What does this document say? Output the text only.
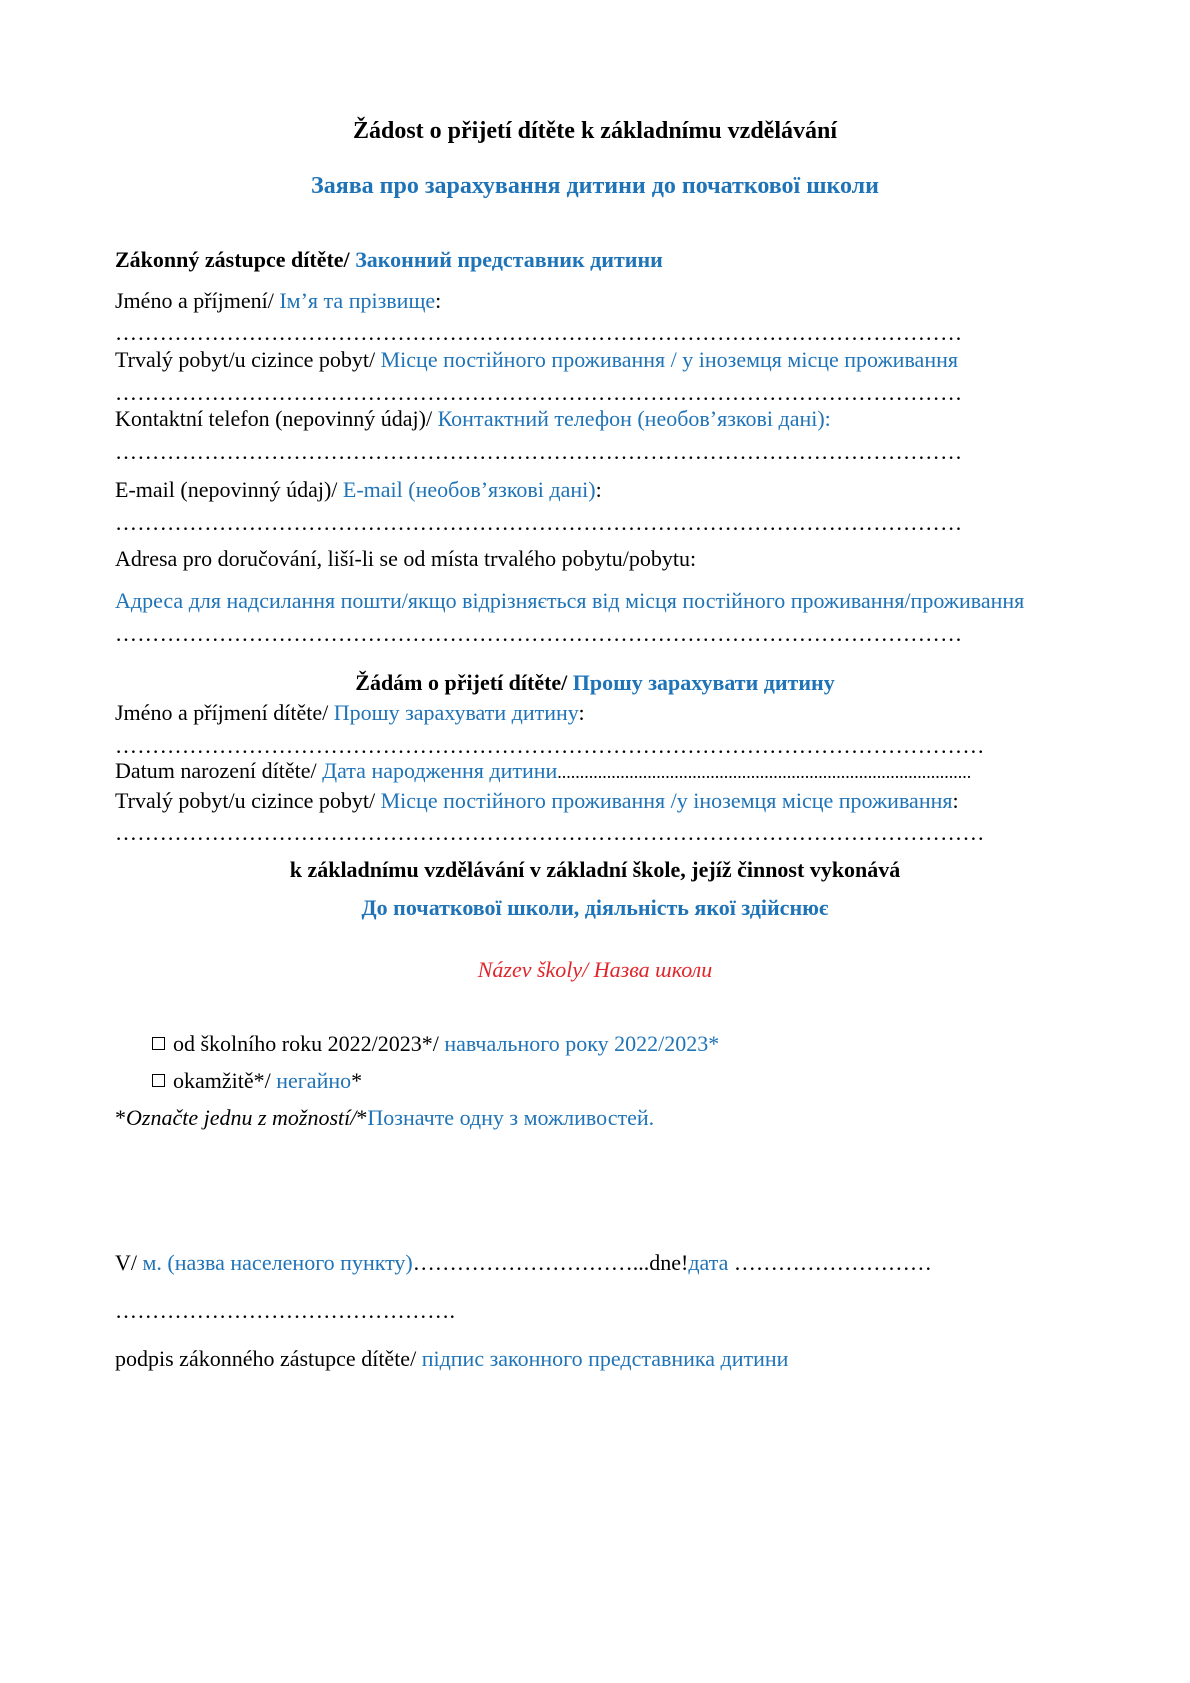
Žádost o přijetí dítěte k základnímu vzdělávání
Заява про зарахування дитини до початкової школи
Zákonný zástupce dítěte/ Законний представник дитини
Jméno a příjmení/ Ім’я та прізвище:
……………………………………………………………………………………………………
Trvalý pobyt/u cizince pobyt/ Місце постійного проживання / у іноземця місце проживання
……………………………………………………………………………………………………
Kontaktní telefon (nepovinný údaj)/ Контактний телефон (необов’язкові дані):
……………………………………………………………………………………………………
E-mail (nepovinný údaj)/ E-mail (необов’язкові дані):
……………………………………………………………………………………………………
Adresa pro doručování, liší-li se od místa trvalého pobytu/pobytu:
Адреса для надсилання пошти/якщо відрізняється від місця постійного проживання/проживання
……………………………………………………………………………………………………
Žádám o přijetí dítěte/ Прошу зарахувати дитину
Jméno a příjmení dítěte/ Прошу зарахувати дитину:
………………………………………………………………………………………………………
Datum narození dítěte/ Дата народження дитини............................................................................................
Trvalý pobyt/u cizince pobyt/ Місце постійного проживання /у іноземця місце проживання:
………………………………………………………………………………………………………
k základnímu vzdělávání v základní škole, jejíž činnost vykonává
До початкової школи, діяльність якої здійснює
Název školy/ Назва школи
od školního roku 2022/2023*/ навчального року 2022/2023*
okamžitě*/ негайно*
*Označte jednu z možností/*Позначте одну з можливостей.
V/ м. (назва населеного пункту)…………………………...dne!дата ………………………
……………………………………….
podpis zákonného zástupce dítěte/ підпис законного представника дитини
